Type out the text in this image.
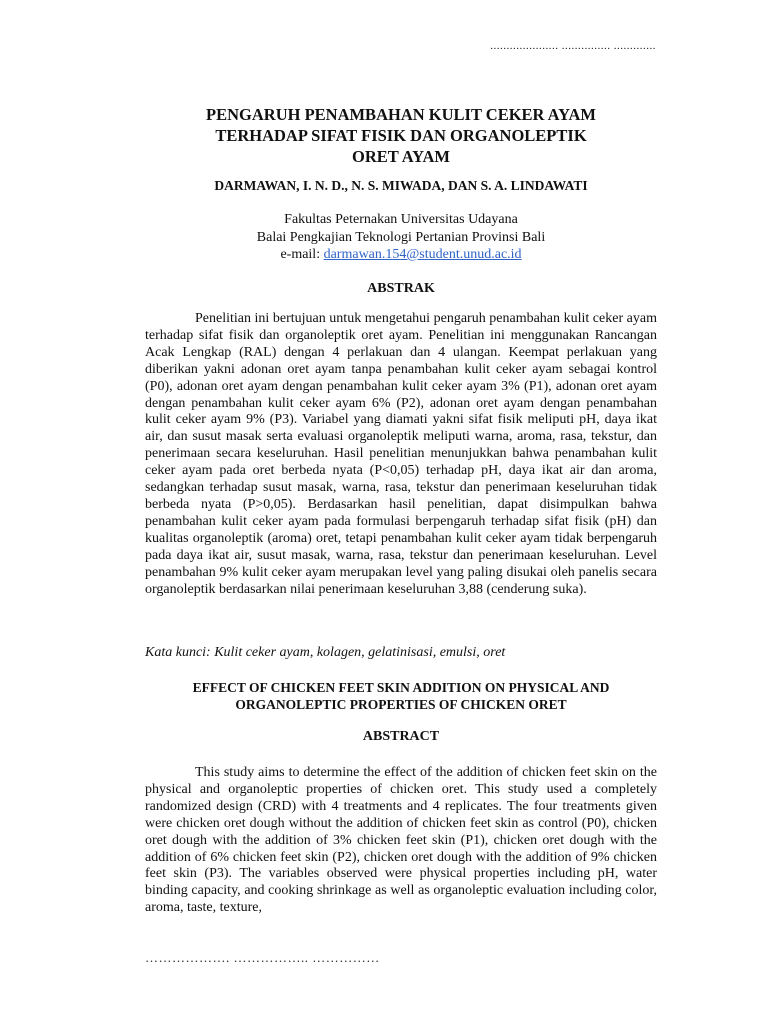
..................... ............... .............
PENGARUH PENAMBAHAN KULIT CEKER AYAM
TERHADAP SIFAT FISIK DAN ORGANOLEPTIK
ORET AYAM
DARMAWAN, I. N. D., N. S. MIWADA, DAN S. A. LINDAWATI
Fakultas Peternakan Universitas Udayana
Balai Pengkajian Teknologi Pertanian Provinsi Bali
e-mail: darmawan.154@student.unud.ac.id
ABSTRAK
Penelitian ini bertujuan untuk mengetahui pengaruh penambahan kulit ceker ayam terhadap sifat fisik dan organoleptik oret ayam. Penelitian ini menggunakan Rancangan Acak Lengkap (RAL) dengan 4 perlakuan dan 4 ulangan. Keempat perlakuan yang diberikan yakni adonan oret ayam tanpa penambahan kulit ceker ayam sebagai kontrol (P0), adonan oret ayam dengan penambahan kulit ceker ayam 3% (P1), adonan oret ayam dengan penambahan kulit ceker ayam 6% (P2), adonan oret ayam dengan penambahan kulit ceker ayam 9% (P3). Variabel yang diamati yakni sifat fisik meliputi pH, daya ikat air, dan susut masak serta evaluasi organoleptik meliputi warna, aroma, rasa, tekstur, dan penerimaan secara keseluruhan. Hasil penelitian menunjukkan bahwa penambahan kulit ceker ayam pada oret berbeda nyata (P<0,05) terhadap pH, daya ikat air dan aroma, sedangkan terhadap susut masak, warna, rasa, tekstur dan penerimaan keseluruhan tidak berbeda nyata (P>0,05). Berdasarkan hasil penelitian, dapat disimpulkan bahwa penambahan kulit ceker ayam pada formulasi berpengaruh terhadap sifat fisik (pH) dan kualitas organoleptik (aroma) oret, tetapi penambahan kulit ceker ayam tidak berpengaruh pada daya ikat air, susut masak, warna, rasa, tekstur dan penerimaan keseluruhan. Level penambahan 9% kulit ceker ayam merupakan level yang paling disukai oleh panelis secara organoleptik berdasarkan nilai penerimaan keseluruhan 3,88 (cenderung suka).
Kata kunci: Kulit ceker ayam, kolagen, gelatinisasi, emulsi, oret
EFFECT OF CHICKEN FEET SKIN ADDITION ON PHYSICAL AND
ORGANOLEPTIC PROPERTIES OF CHICKEN ORET
ABSTRACT
This study aims to determine the effect of the addition of chicken feet skin on the physical and organoleptic properties of chicken oret. This study used a completely randomized design (CRD) with 4 treatments and 4 replicates. The four treatments given were chicken oret dough without the addition of chicken feet skin as control (P0), chicken oret dough with the addition of 3% chicken feet skin (P1), chicken oret dough with the addition of 6% chicken feet skin (P2), chicken oret dough with the addition of 9% chicken feet skin (P3). The variables observed were physical properties including pH, water binding capacity, and cooking shrinkage as well as organoleptic evaluation including color, aroma, taste, texture,
………………. …………….. ……………
